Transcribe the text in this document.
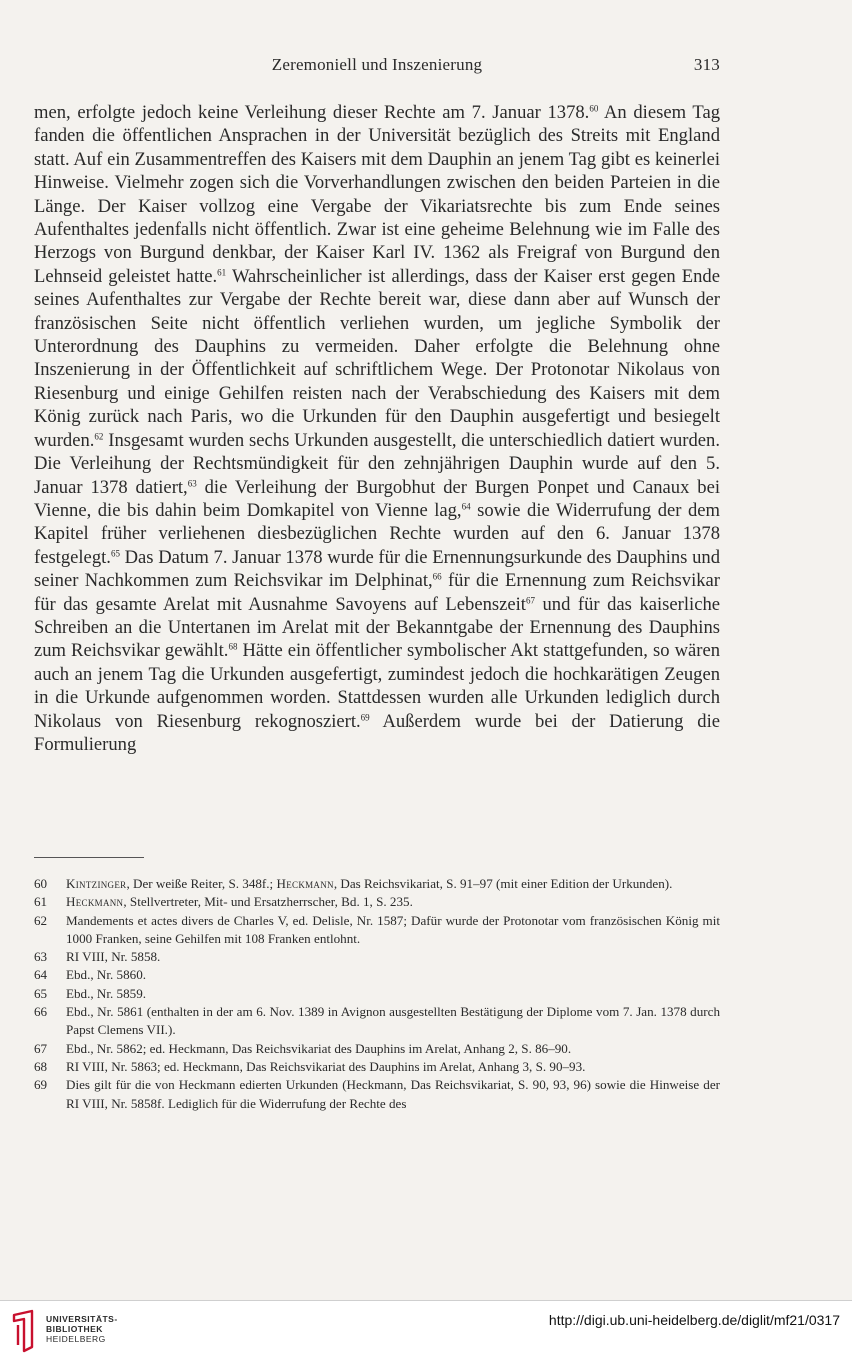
Zeremoniell und Inszenierung	313

men, erfolgte jedoch keine Verleihung dieser Rechte am 7. Januar 1378.60 An diesem Tag fanden die öffentlichen Ansprachen in der Universität bezüglich des Streits mit England statt. Auf ein Zusammentreffen des Kaisers mit dem Dauphin an jenem Tag gibt es keinerlei Hinweise. Vielmehr zogen sich die Vorverhandlungen zwischen den beiden Parteien in die Länge. Der Kaiser vollzog eine Vergabe der Vikariatsrechte bis zum Ende seines Aufenthaltes jedenfalls nicht öffentlich. Zwar ist eine geheime Belehnung wie im Falle des Herzogs von Burgund denkbar, der Kaiser Karl IV. 1362 als Freigraf von Burgund den Lehnseid geleistet hatte.$^{61}$ Wahrscheinlicher ist allerdings, dass der Kaiser erst gegen Ende seines Aufenthaltes zur Vergabe der Rechte bereit war, diese dann aber auf Wunsch der französischen Seite nicht öffentlich verliehen wurden, um jegliche Symbolik der Unterordnung des Dauphins zu vermeiden. Daher erfolgte die Belehnung ohne Inszenierung in der Öffentlichkeit auf schriftlichem Wege. Der Protonotar Nikolaus von Riesenburg und einige Gehilfen reisten nach der Verabschiedung des Kaisers mit dem König zurück nach Paris, wo die Urkunden für den Dauphin ausgefertigt und besiegelt wurden.$^{62}$ Insgesamt wurden sechs Urkunden ausgestellt, die unterschiedlich datiert wurden. Die Verleihung der Rechtsmündigkeit für den zehnjährigen Dauphin wurde auf den 5. Januar 1378 datiert,$^{63}$ die Verleihung der Burgobhut der Burgen Ponpet und Canaux bei Vienne, die bis dahin beim Domkapitel von Vienne lag,$^{64}$ sowie die Widerrufung der dem Kapitel früher verliehenen diesbezüglichen Rechte wurden auf den 6. Januar 1378 festgelegt.$^{65}$ Das Datum 7. Januar 1378 wurde für die Ernennungsurkunde des Dauphins und seiner Nachkommen zum Reichsvikar im Delphinat,$^{66}$ für die Ernennung zum Reichsvikar für das gesamte Arelat mit Ausnahme Savoyens auf Lebenszeit$^{67}$ und für das kaiserliche Schreiben an die Untertanen im Arelat mit der Bekanntgabe der Ernennung des Dauphins zum Reichsvikar gewählt.$^{68}$ Hätte ein öffentlicher symbolischer Akt stattgefunden, so wären auch an jenem Tag die Urkunden ausgefertigt, zumindest jedoch die hochkarätigen Zeugen in die Urkunde aufgenommen worden. Stattdessen wurden alle Urkunden lediglich durch Nikolaus von Riesenburg rekognosziert.$^{69}$ Außerdem wurde bei der Datierung die Formulierung

60	Kintzinger, Der weiße Reiter, S. 348f.; Heckmann, Das Reichsvikariat, S. 91–97 (mit einer Edition der Urkunden).
61	Heckmann, Stellvertreter, Mit- und Ersatzherrscher, Bd. 1, S. 235.
62	Mandements et actes divers de Charles V, ed. Delisle, Nr. 1587; Dafür wurde der Protonotar vom französischen König mit 1000 Franken, seine Gehilfen mit 108 Franken entlohnt.
63	RI VIII, Nr. 5858.
64	Ebd., Nr. 5860.
65	Ebd., Nr. 5859.
66	Ebd., Nr. 5861 (enthalten in der am 6. Nov. 1389 in Avignon ausgestellten Bestätigung der Diplome vom 7. Jan. 1378 durch Papst Clemens VII.).
67	Ebd., Nr. 5862; ed. Heckmann, Das Reichsvikariat des Dauphins im Arelat, Anhang 2, S. 86–90.
68	RI VIII, Nr. 5863; ed. Heckmann, Das Reichsvikariat des Dauphins im Arelat, Anhang 3, S. 90–93.
69	Dies gilt für die von Heckmann edierten Urkunden (Heckmann, Das Reichsvikariat, S. 90, 93, 96) sowie die Hinweise der RI VIII, Nr. 5858f. Lediglich für die Widerrufung der Rechte des
UNIVERSITÄTS-
BIBLIOTHEK
HEIDELBERG
http://digi.ub.uni-heidelberg.de/diglit/mf21/0317
